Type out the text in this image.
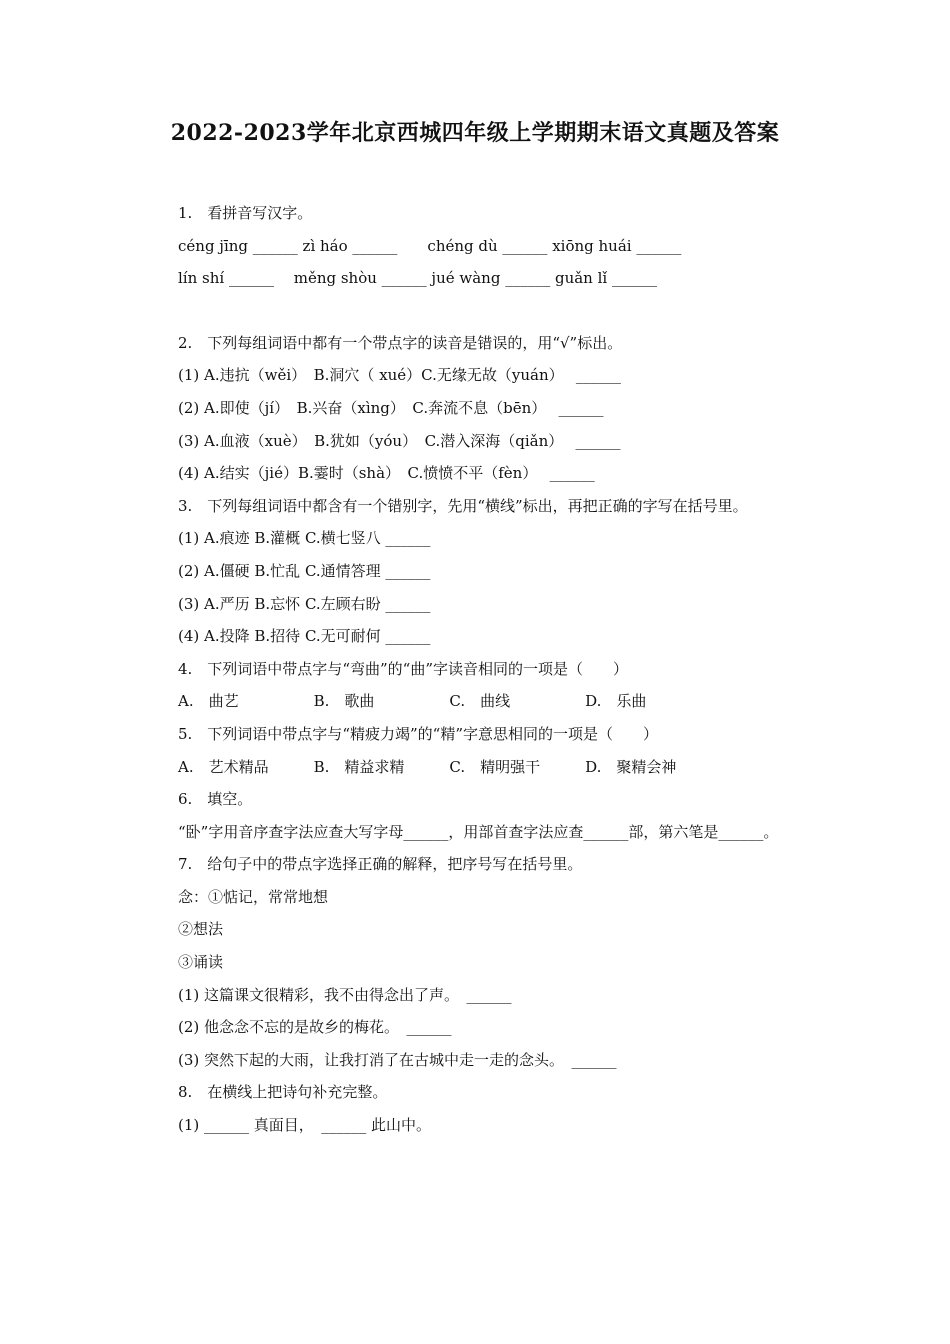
2022-2023学年北京西城四年级上学期期末语文真题及答案
1.　看拼音写汉字。
céng jīng ______ zì háo ______　　chéng dù ______ xiōng huái ______
lín shí ______　 měng shòu ______ jué wàng ______ guǎn lǐ ______
2.　下列每组词语中都有一个带点字的读音是错误的，用“√”标出。
(1) A.违抗（wěi）　B.洞穴（ xué）C.无缘无故（yuán）　 ______
(2) A.即使（jí）　B.兴奋（xìng）　C.奔流不息（bēn）　 ______
(3) A.血液（xuè）　B.犹如（yóu）　C.潜入深海（qiǎn）　 ______
(4) A.结实（jié）B.霎时（shà）　C.愤愤不平（fèn）　 ______
3.　下列每组词语中都含有一个错别字，先用“横线”标出，再把正确的字写在括号里。
(1) A.痕迹 B.灌概 C.横七竖八 ______
(2) A.僵硬 B.忙乱 C.通情答理 ______
(3) A.严历 B.忘怀 C.左顾右盼 ______
(4) A.投降 B.招待 C.无可耐何 ______
4.　下列词语中带点字与“弯曲”的“曲”字读音相同的一项是（　　）
A.　曲艺　　　　　B.　歌曲　　　　　C.　曲线　　　　　D.　乐曲
5.　下列词语中带点字与“精疲力竭”的“精”字意思相同的一项是（　　）
A.　艺术精品　　　B.　精益求精　　　C.　精明强干　　　D.　聚精会神
6.　填空。
“卧”字用音序查字法应查大写字母______，用部首查字法应查______部，第六笔是______。
7.　给句子中的带点字选择正确的解释，把序号写在括号里。
念：①惦记，常常地想
②想法
③诵读
(1) 这篇课文很精彩，我不由得念出了声。　______
(2) 他念念不忘的是故乡的梅花。　______
(3) 突然下起的大雨，让我打消了在古城中走一走的念头。　______
8.　在横线上把诗句补充完整。
(1) ______ 真面目，　______ 此山中。
